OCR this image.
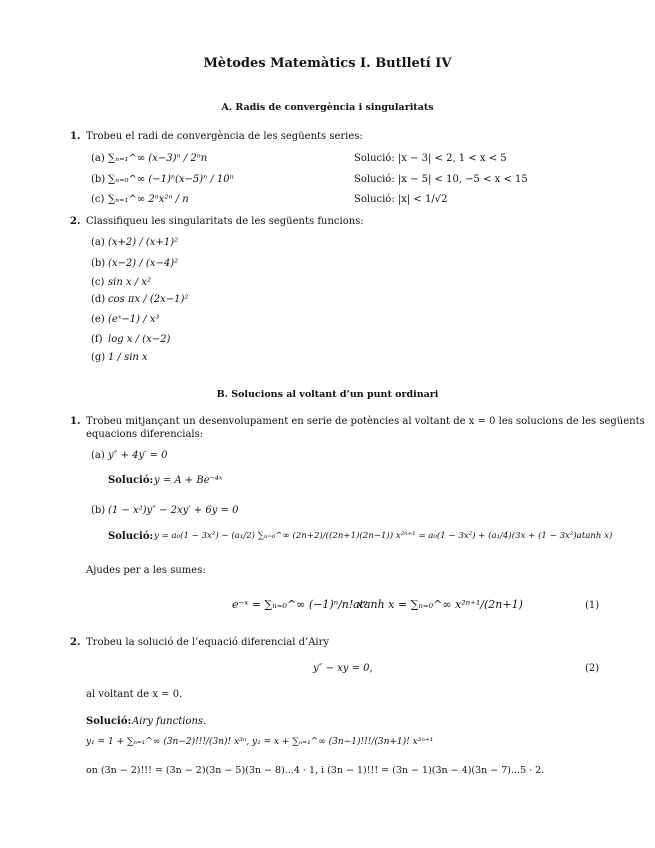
Mètodes Matemàtics I. Butlletí IV
A. Radis de convergència i singularitats
1. Trobeu el radi de convergència de les següents series:
(a) ∑ₙ₌₁^∞ (x−3)ⁿ / 2ⁿn	Solució: |x − 3| < 2, 1 < x < 5
(b) ∑ₙ₌₀^∞ (−1)ⁿ(x−5)ⁿ / 10ⁿ	Solució: |x − 5| < 10, −5 < x < 15
(c) ∑ₙ₌₁^∞ 2ⁿx²ⁿ / n	Solució: |x| < 1/√2
2. Classifiqueu les singularitats de les següents funcions:
(a) (x+2) / (x+1)²
(b) (x−2) / (x−4)²
(c) sin x / x²
(d) cos πx / (2x−1)²
(e) (eˣ−1) / x³
(f) log x / (x−2)
(g) 1 / sin x
B. Solucions al voltant d’un punt ordinari
1. Trobeu mitjançant un desenvolupament en serie de potències al voltant de x = 0 les solucions de les següents
equacions diferencials:
(a) y″ + 4y′ = 0
Solució: y = A + Be⁻⁴ˣ
(b) (1 − x²)y″ − 2xy′ + 6y = 0
Solució: y = a₀(1 − 3x²) − (a₁/2) ∑ₙ₌₀^∞ (2n+2)/((2n+1)(2n−1)) x²ⁿ⁺¹ = a₀(1 − 3x²) + (a₁/4)(3x + (1 − 3x²)atanh x)
Ajudes per a les sumes:
e⁻ˣ = ∑ₙ₌₀^∞ (−1)ⁿ/n! xⁿ
atanh x = ∑ₙ₌₀^∞ x²ⁿ⁺¹/(2n+1)	(1)
2. Trobeu la solució de l’equació diferencial d’Airy
y″ − xy = 0,	(2)
al voltant de x = 0.
Solució: Airy functions.
y₁ = 1 + ∑ₙ₌₁^∞ (3n−2)!!!/(3n)! x³ⁿ, y₂ = x + ∑ₙ₌₁^∞ (3n−1)!!!/(3n+1)! x³ⁿ⁺¹
on (3n − 2)!!! = (3n − 2)(3n − 5)(3n − 8)...4 · 1, i (3n − 1)!!! = (3n − 1)(3n − 4)(3n − 7)...5 · 2.
